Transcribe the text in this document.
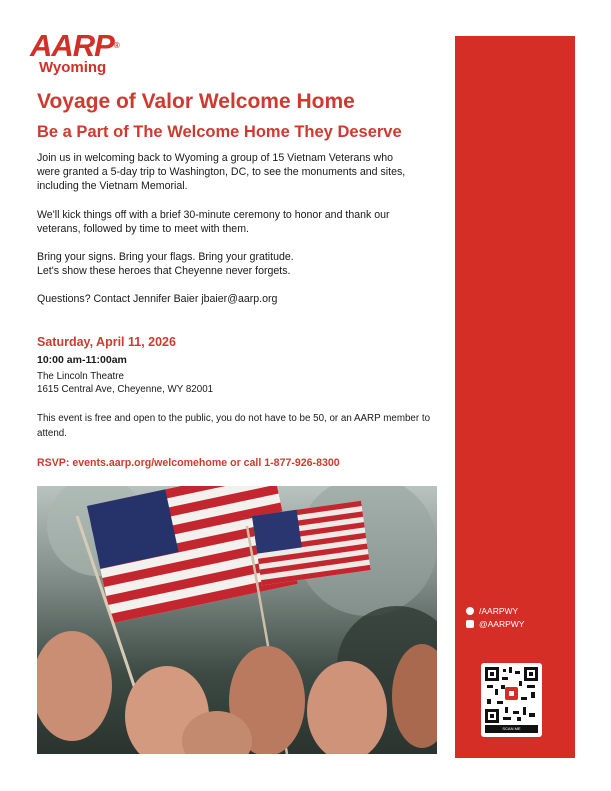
AARP®
Wyoming
Voyage of Valor Welcome Home
Be a Part of The Welcome Home They Deserve

Join us in welcoming back to Wyoming a group of 15 Vietnam Veterans who
were granted a 5-day trip to Washington, DC, to see the monuments and sites,
including the Vietnam Memorial.

We'll kick things off with a brief 30-minute ceremony to honor and thank our
veterans, followed by time to meet with them.

Bring your signs. Bring your flags. Bring your gratitude.
Let's show these heroes that Cheyenne never forgets.

Questions? Contact Jennifer Baier jbaier@aarp.org

Saturday, April 11, 2026
10:00 am-11:00am
The Lincoln Theatre
1615 Central Ave, Cheyenne, WY 82001
This event is free and open to the public, you do not have to be 50, or an AARP member to attend.
RSVP: events.aarp.org/welcomehome or call 1-877-926-8300
/AARPWY
@AARPWY
SCAN ME
